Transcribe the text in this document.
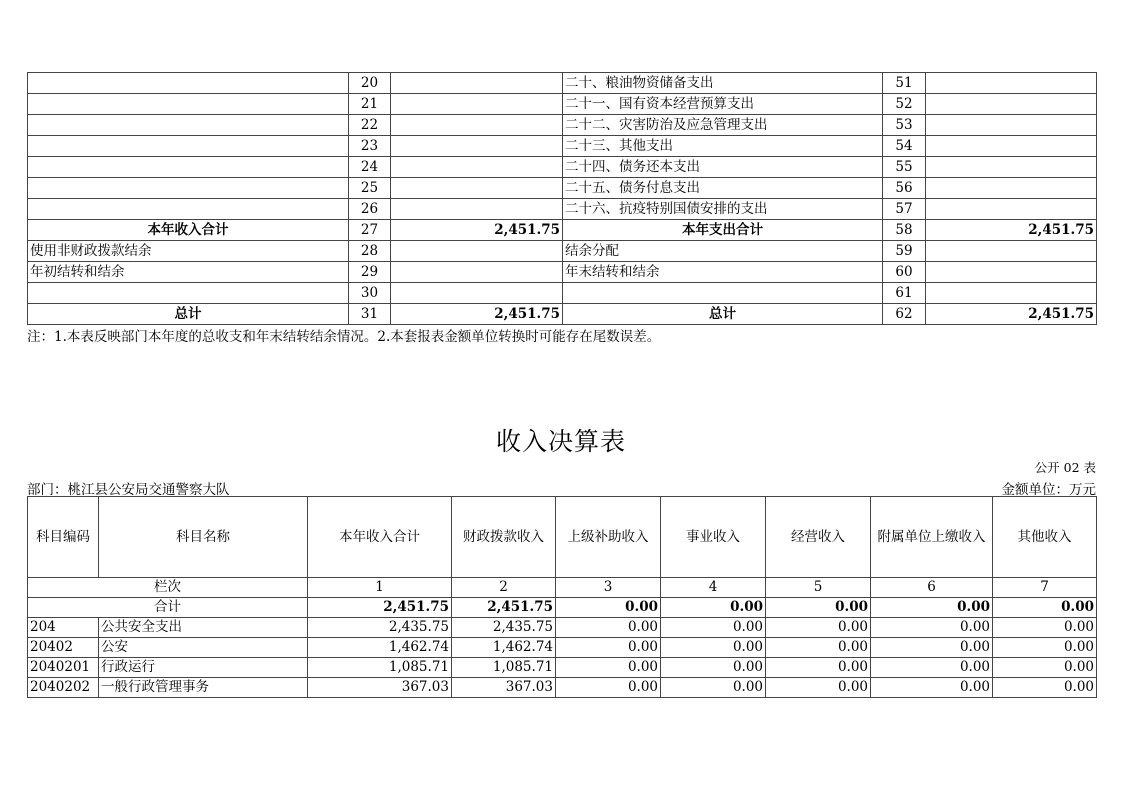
	20		二十、粮油物资储备支出	51	
	21		二十一、国有资本经营预算支出	52	
	22		二十二、灾害防治及应急管理支出	53	
	23		二十三、其他支出	54	
	24		二十四、债务还本支出	55	
	25		二十五、债务付息支出	56	
	26		二十六、抗疫特别国债安排的支出	57	
本年收入合计	27	2,451.75	本年支出合计	58	2,451.75
使用非财政拨款结余	28		结余分配	59	
年初结转和结余	29		年末结转和结余	60	
	30			61	
总计	31	2,451.75	总计	62	2,451.75
注：1.本表反映部门本年度的总收支和年末结转结余情况。2.本套报表金额单位转换时可能存在尾数误差。
收入决算表
公开 02 表
部门：桃江县公安局交通警察大队	金额单位：万元
科目编码	科目名称	本年收入合计	财政拨款收入	上级补助收入	事业收入	经营收入	附属单位上缴收入	其他收入
栏次		1	2	3	4	5	6	7
合计		2,451.75	2,451.75	0.00	0.00	0.00	0.00	0.00
204	公共安全支出	2,435.75	2,435.75	0.00	0.00	0.00	0.00	0.00
20402	公安	1,462.74	1,462.74	0.00	0.00	0.00	0.00	0.00
2040201	行政运行	1,085.71	1,085.71	0.00	0.00	0.00	0.00	0.00
2040202	一般行政管理事务	367.03	367.03	0.00	0.00	0.00	0.00	0.00
